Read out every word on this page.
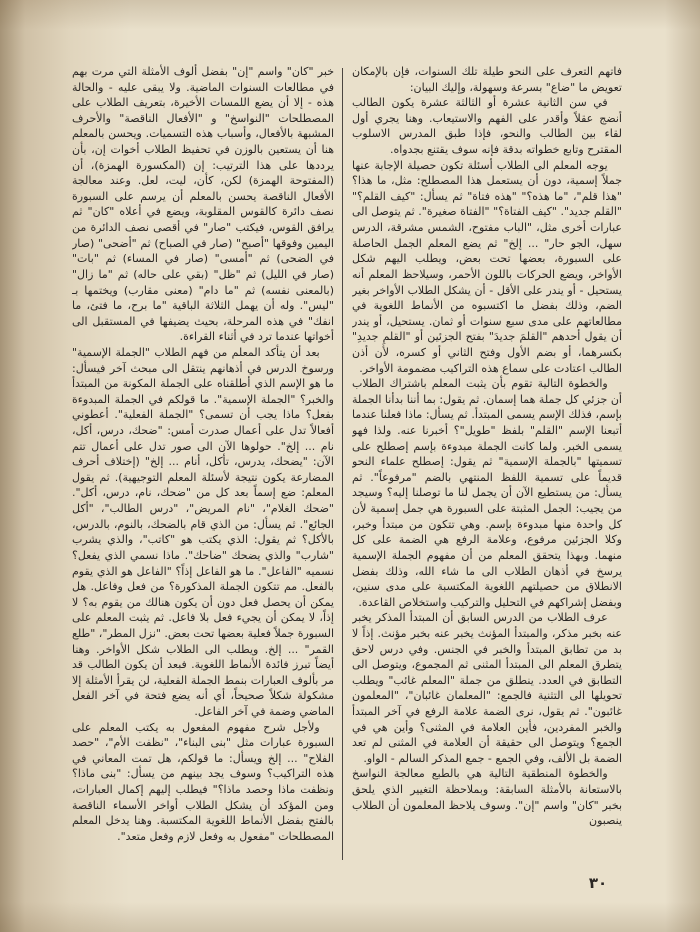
فاتهم التعرف على النحو طيلة تلك السنوات، فإن بالإمكان تعويض ما "ضاع" بسرعة وسهولة، وإليك البيان:

في سن الثانية عشرة أو الثالثة عشرة يكون الطالب أنضج عقلاً وأقدر على الفهم والاستيعاب. وهنا يجري أول لقاء بين الطالب والنحو، فإذا طبق المدرس الاسلوب المقترح وتابع خطواته بدقة فإنه سوف يقتنع بجدواه.

يوجه المعلم الى الطلاب أسئلة تكون حصيلة الإجابة عنها جملاً إسمية، دون أن يستعمل هذا المصطلح: مثل، ما هذا؟ "هذا قلم"، "ما هذه؟" "هذه فتاة" ثم يسأل: "كيف القلم؟" "القلم جديد". "كيف الفتاة؟" "الفتاة صغيرة". ثم يتوصل الى عبارات أخرى مثل، "الباب مفتوح، الشمس مشرقة، الدرس سهل، الجو حار" ... إلخ" ثم يضع المعلم الجمل الحاصلة على السبورة، بعضها تحت بعض، ويطلب اليهم شكل الأواخر، ويضع الحركات باللون الأحمر، وسيلاحظ المعلم أنه يستحيل - أو يندر على الأقل - أن يشكل الطلاب الأواخر بغير الضم، وذلك بفضل ما اكتسبوه من الأنماط اللغوية في مطالعاتهم على مدى سبع سنوات أو ثمان. يستحيل، أو يندر أن يقول أحدهم "القلمَ جديدَ" بفتح الجزئين أو "القلمِ جديدِ" بكسرهما، أو بضم الأول وفتح الثاني أو كسره، لأن أذن الطالب اعتادت على سماع هذه التراكيب مضمومة الأواخر.

والخطوة التالية تقوم بأن يثبت المعلم باشتراك الطلاب أن جزئي كل جملة هما إسمان. ثم يقول: بما أننا بدأنا الجملة بإسم، فذلك الإسم يسمى المبتدأ. ثم يسأل: ماذا فعلنا عندما أتبعنا الإسم "القلم" بلفظ "طويل"؟ أخبرنا عنه. ولذا فهو يسمى الخبر. ولما كانت الجملة مبدوءة بإسم إصطلح على تسميتها "بالجملة الإسمية" ثم يقول: إصطلح علماء النحو قديماً على تسمية اللفظ المنتهي بالضم "مرفوعاً". ثم يسأل: من يستطيع الآن أن يجمل لنا ما توصلنا إليه؟ وسيجد من يجيب: الجمل المثبتة على السبورة هي جمل إسمية لأن كل واحدة منها مبدوءة بإسم. وهي تتكون من مبتدأ وخبر، وكلا الجزئين مرفوع، وعلامة الرفع هي الضمة على كل منهما. وبهذا يتحقق المعلم من أن مفهوم الجملة الإسمية يرسخ في أذهان الطلاب الى ما شاء الله، وذلك بفضل الانطلاق من حصيلتهم اللغوية المكتسبة على مدى سنين، وبفضل إشراكهم في التحليل والتركيب واستخلاص القاعدة.

عرف الطلاب من الدرس السابق أن المبتدأ المذكر يخبر عنه بخبر مذكر، والمبتدأ المؤنث يخبر عنه بخبر مؤنث. إذاً لا بد من تطابق المبتدأ والخبر في الجنس. وفي درس لاحق يتطرق المعلم الى المبتدأ المثنى ثم المجموع، ويتوصل الى التطابق في العدد. ينطلق من جملة "المعلم غائب" ويطلب تحويلها الى التثنية فالجمع: "المعلمان غائبان"، "المعلمون غائبون". ثم يقول، نرى الضمة علامة الرفع في آخر المبتدأ والخبر المفردين، فأين العلامة في المثنى؟ وأين هي في الجمع؟ ويتوصل الى حقيقة أن العلامة في المثنى لم تعد الضمة بل الألف، وفي الجمع - جمع المذكر السالم - الواو.

والخطوة المنطقية التالية هي بالطبع معالجة النواسخ بالاستعانة بالأمثلة السابقة: وبملاحظة التغيير الذي يلحق بخبر "كان" واسم "إن". وسوف يلاحظ المعلمون أن الطلاب ينصبون

خبر "كان" واسم "إن" بفضل ألوف الأمثلة التي مرت بهم في مطالعات السنوات الماضية. ولا يبقى عليه - والحالة هذه - إلا أن يضع اللمسات الأخيرة، بتعريف الطلاب على المصطلحات "النواسخ" و "الأفعال الناقصة" والأحرف المشبهة بالأفعال، وأسباب هذه التسميات. ويحسن بالمعلم هنا أن يستعين بالوزن في تحفيظ الطلاب أخوات إن، بأن يرددها على هذا الترتيب: إن (المكسورة الهمزة)، أن (المفتوحة الهمزة) لكن، كأن، ليت، لعل. وعند معالجة الأفعال الناقصة يحسن بالمعلم أن يرسم على السبورة نصف دائرة كالقوس المقلوبة، ويضع في أعلاه "كان" ثم يرافق القوس، فيكتب "صار" في أقصى نصف الدائرة من اليمين وفوقها "أصبح" (صار في الصباح) ثم "أضحى" (صار في الضحى) ثم "أمسى" (صار في المساء) ثم "بات" (صار في الليل) ثم "ظل" (بقي على حاله) ثم "ما زال" (بالمعنى نفسه) ثم "ما دام" (معنى مقارب) ويختمها بـ "ليس". وله أن يهمل الثلاثة الباقية "ما برح، ما فتئ، ما انفك" في هذه المرحلة، بحيث يضيفها في المستقبل الى أخواتها عندما ترد في أثناء القراءة.

بعد أن يتأكد المعلم من فهم الطلاب "الجملة الإسمية" ورسوخ الدرس في أذهانهم ينتقل الى مبحث آخر فيسأل: ما هو الإسم الذي أطلقناه على الجملة المكونة من المبتدأ والخبر؟ "الجملة الإسمية". ما قولكم في الجملة المبدوءة بفعل؟ ماذا يجب أن تسمى؟ "الجملة الفعلية". أعطوني أفعالاً تدل على أعمال صدرت أمس: "ضحك، درس، أكل، نام ... إلخ". حولوها الآن الى صور تدل على أعمال تتم الآن: "يضحك، يدرس، تأكل، أنام ... إلخ" (إختلاف أحرف المضارعة يكون نتيجة لأسئلة المعلم التوجيهية). ثم يقول المعلم: ضع إسماً بعد كل من "ضحك، نام، درس، أكل". "ضحك الغلام"، "نام المريض"، "درس الطالب"، "أكل الجائع". ثم يسأل: من الذي قام بالضحك، بالنوم، بالدرس، بالأكل؟ ثم يقول: الذي يكتب هو "كاتب"، والذي يشرب "شارب" والذي يضحك "ضاحك". ماذا نسمي الذي يفعل؟ نسميه "الفاعل". ما هو الفاعل إذاً؟ "الفاعل هو الذي يقوم بالفعل. مم تتكون الجملة المذكورة؟ من فعل وفاعل. هل يمكن أن يحصل فعل دون أن يكون هنالك من يقوم به؟ لا إذاً، لا يمكن أن يجيء فعل بلا فاعل. ثم يثبت المعلم على السبورة جملاً فعلية بعضها تحت بعض. "نزل المطر"، "طلع القمر" ... إلخ. ويطلب الى الطلاب شكل الأواخر. وهنا أيضاً تبرز فائدة الأنماط اللغوية. فبعد أن يكون الطالب قد مر بألوف العبارات بنمط الجملة الفعلية، لن يقرأ الأمثلة إلا مشكولة شكلاً صحيحاً، أي أنه يضع فتحة في آخر الفعل الماضي وضمة في آخر الفاعل.

ولأجل شرح مفهوم المفعول به يكتب المعلم على السبورة عبارات مثل "بنى البناء"، "نظفت الأم"، "حصد الفلاح" ... إلخ ويسأل: ما قولكم، هل تمت المعاني في هذه التراكيب؟ وسوف يجد بينهم من يسأل: "بنى ماذا؟ ونظفت ماذا وحصد ماذا؟" فيطلب إليهم إكمال العبارات، ومن المؤكد أن يشكل الطلاب أواخر الأسماء الناقصة بالفتح بفضل الأنماط اللغوية المكتسبة. وهنا يدخل المعلم المصطلحات "مفعول به وفعل لازم وفعل متعد".

٣٠
